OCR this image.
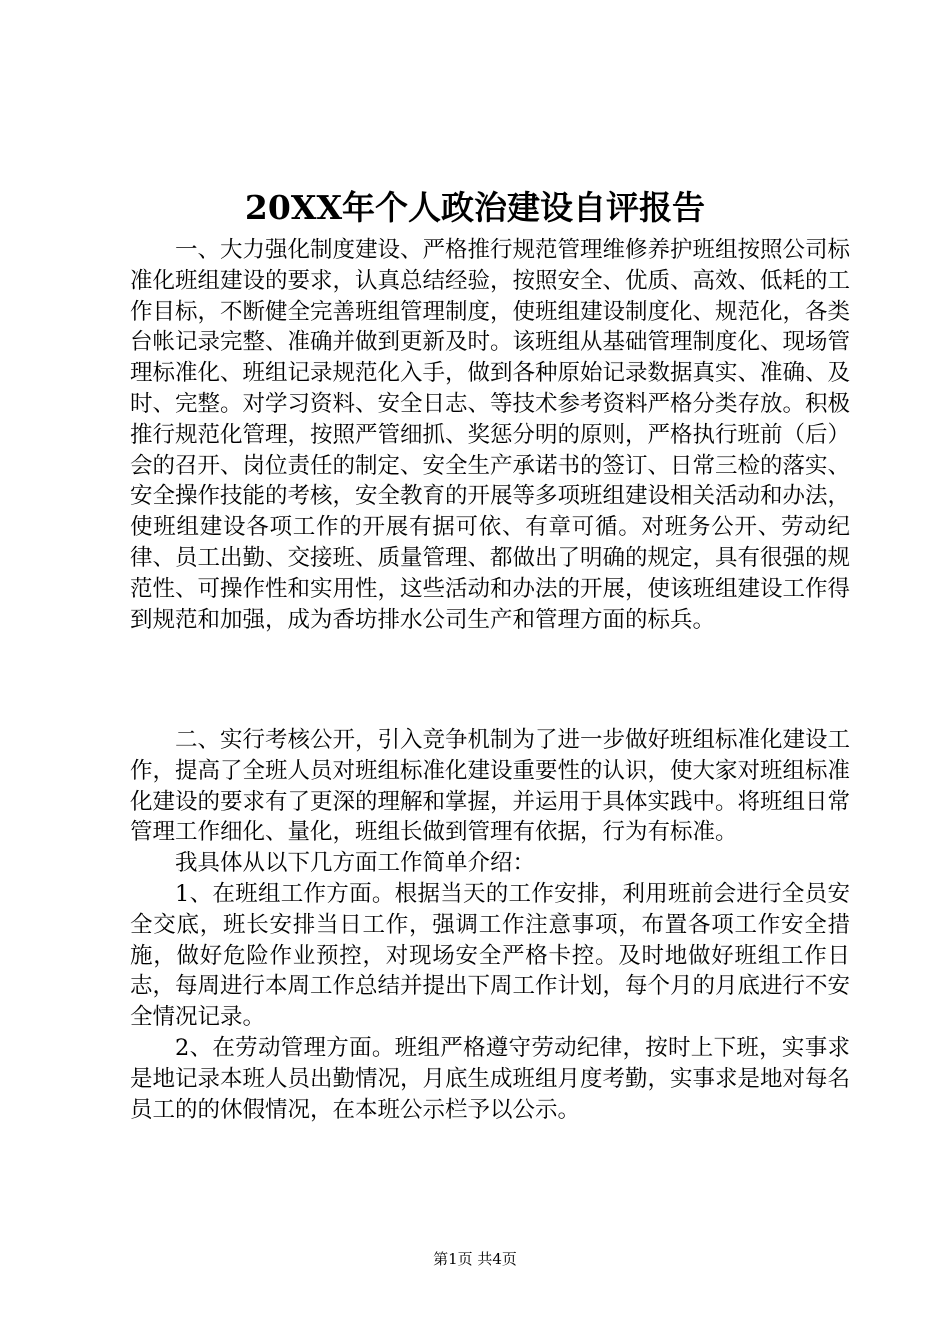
20XX年个人政治建设自评报告

一、大力强化制度建设、严格推行规范管理维修养护班组按照公司标准化班组建设的要求，认真总结经验，按照安全、优质、高效、低耗的工作目标，不断健全完善班组管理制度，使班组建设制度化、规范化，各类台帐记录完整、准确并做到更新及时。该班组从基础管理制度化、现场管理标准化、班组记录规范化入手，做到各种原始记录数据真实、准确、及时、完整。对学习资料、安全日志、等技术参考资料严格分类存放。积极推行规范化管理，按照严管细抓、奖惩分明的原则，严格执行班前（后）会的召开、岗位责任的制定、安全生产承诺书的签订、日常三检的落实、安全操作技能的考核，安全教育的开展等多项班组建设相关活动和办法，使班组建设各项工作的开展有据可依、有章可循。对班务公开、劳动纪律、员工出勤、交接班、质量管理、都做出了明确的规定，具有很强的规范性、可操作性和实用性，这些活动和办法的开展，使该班组建设工作得到规范和加强，成为香坊排水公司生产和管理方面的标兵。

二、实行考核公开，引入竞争机制为了进一步做好班组标准化建设工作，提高了全班人员对班组标准化建设重要性的认识，使大家对班组标准化建设的要求有了更深的理解和掌握，并运用于具体实践中。将班组日常管理工作细化、量化，班组长做到管理有依据，行为有标准。

我具体从以下几方面工作简单介绍：

1、在班组工作方面。根据当天的工作安排，利用班前会进行全员安全交底，班长安排当日工作，强调工作注意事项，布置各项工作安全措施，做好危险作业预控，对现场安全严格卡控。及时地做好班组工作日志，每周进行本周工作总结并提出下周工作计划，每个月的月底进行不安全情况记录。

2、在劳动管理方面。班组严格遵守劳动纪律，按时上下班，实事求是地记录本班人员出勤情况，月底生成班组月度考勤，实事求是地对每名员工的的休假情况，在本班公示栏予以公示。

第1页 共4页
